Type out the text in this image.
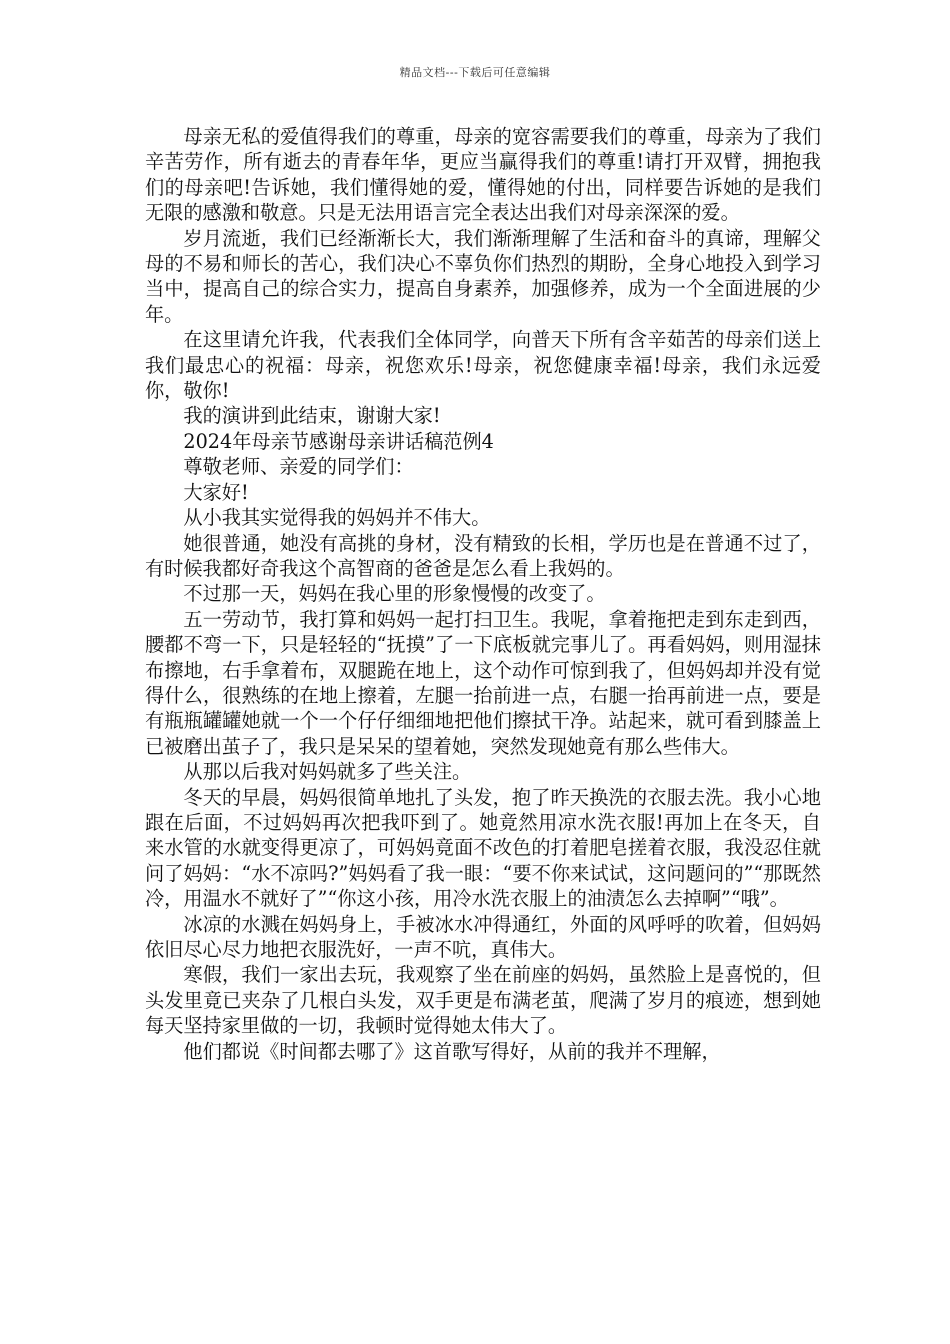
精品文档---下载后可任意编辑

母亲无私的爱值得我们的尊重，母亲的宽容需要我们的尊重，母亲为了我们辛苦劳作，所有逝去的青春年华，更应当赢得我们的尊重!请打开双臂，拥抱我们的母亲吧!告诉她，我们懂得她的爱，懂得她的付出，同样要告诉她的是我们无限的感激和敬意。只是无法用语言完全表达出我们对母亲深深的爱。

岁月流逝，我们已经渐渐长大，我们渐渐理解了生活和奋斗的真谛，理解父母的不易和师长的苦心，我们决心不辜负你们热烈的期盼，全身心地投入到学习当中，提高自己的综合实力，提高自身素养，加强修养，成为一个全面进展的少年。

在这里请允许我，代表我们全体同学，向普天下所有含辛茹苦的母亲们送上我们最忠心的祝福：母亲，祝您欢乐!母亲，祝您健康幸福!母亲，我们永远爱你，敬你!

我的演讲到此结束，谢谢大家!

2024年母亲节感谢母亲讲话稿范例4

尊敬老师、亲爱的同学们：

大家好!

从小我其实觉得我的妈妈并不伟大。

她很普通，她没有高挑的身材，没有精致的长相，学历也是在普通不过了，有时候我都好奇我这个高智商的爸爸是怎么看上我妈的。

不过那一天，妈妈在我心里的形象慢慢的改变了。

五一劳动节，我打算和妈妈一起打扫卫生。我呢，拿着拖把走到东走到西，腰都不弯一下，只是轻轻的“抚摸”了一下底板就完事儿了。再看妈妈，则用湿抹布擦地，右手拿着布，双腿跪在地上，这个动作可惊到我了，但妈妈却并没有觉得什么，很熟练的在地上擦着，左腿一抬前进一点，右腿一抬再前进一点，要是有瓶瓶罐罐她就一个一个仔仔细细地把他们擦拭干净。站起来，就可看到膝盖上已被磨出茧子了，我只是呆呆的望着她，突然发现她竟有那么些伟大。

从那以后我对妈妈就多了些关注。

冬天的早晨，妈妈很简单地扎了头发，抱了昨天换洗的衣服去洗。我小心地跟在后面，不过妈妈再次把我吓到了。她竟然用凉水洗衣服!再加上在冬天，自来水管的水就变得更凉了，可妈妈竟面不改色的打着肥皂搓着衣服，我没忍住就问了妈妈：“水不凉吗?”妈妈看了我一眼：“要不你来试试，这问题问的”“那既然冷，用温水不就好了”“你这小孩，用冷水洗衣服上的油渍怎么去掉啊”“哦”。

冰凉的水溅在妈妈身上，手被冰水冲得通红，外面的风呼呼的吹着，但妈妈依旧尽心尽力地把衣服洗好，一声不吭，真伟大。

寒假，我们一家出去玩，我观察了坐在前座的妈妈，虽然脸上是喜悦的，但头发里竟已夹杂了几根白头发，双手更是布满老茧，爬满了岁月的痕迹，想到她每天坚持家里做的一切，我顿时觉得她太伟大了。

他们都说《时间都去哪了》这首歌写得好，从前的我并不理解，
